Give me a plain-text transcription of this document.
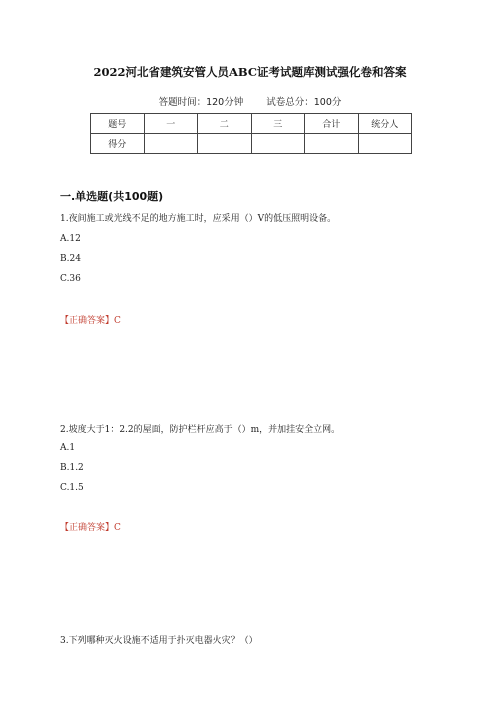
2022河北省建筑安管人员ABC证考试题库测试强化卷和答案
答题时间：120分钟 试卷总分：100分
题号	一	二	三	合计	统分人
得分					
一.单选题(共100题)
1.夜间施工或光线不足的地方施工时，应采用（）V的低压照明设备。
A.12
B.24
C.36
【正确答案】C
2.坡度大于1：2.2的屋面，防护栏杆应高于（）m，并加挂安全立网。
A.1
B.1.2
C.1.5
【正确答案】C
3.下列哪种灭火设施不适用于扑灭电器火灾？（）
